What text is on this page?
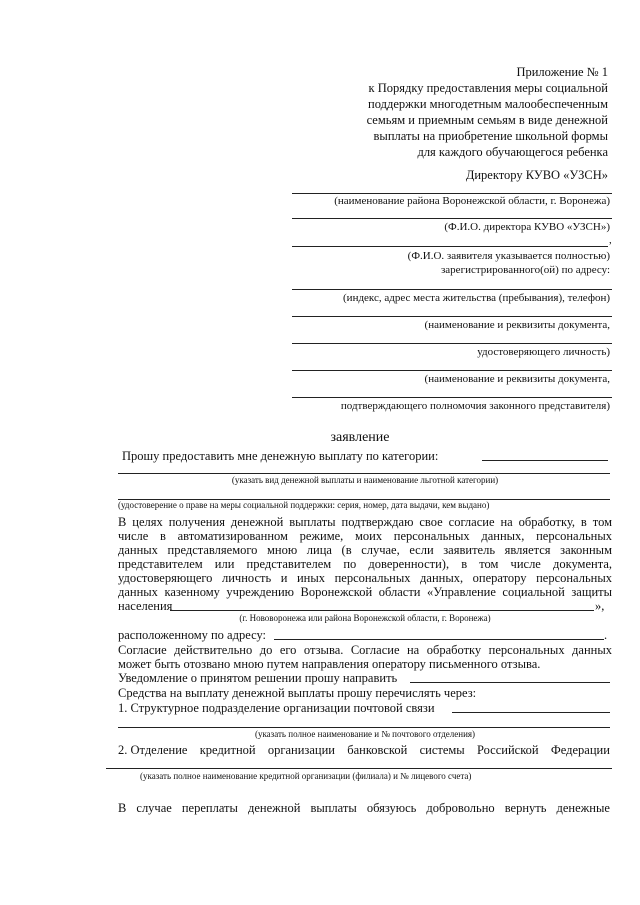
Приложение № 1
к Порядку предоставления меры социальной
поддержки многодетным малообеспеченным
семьям и приемным семьям в виде денежной
выплаты на приобретение школьной формы
для каждого обучающегося ребенка
Директору КУВО «УЗСН»
(наименование района Воронежской области, г. Воронежа)
(Ф.И.О. директора КУВО «УЗСН»)
,
(Ф.И.О. заявителя указывается полностью)
зарегистрированного(ой) по адресу:
(индекс, адрес места жительства (пребывания), телефон)
(наименование и реквизиты документа,
удостоверяющего личность)
(наименование и реквизиты документа,
подтверждающего полномочия законного представителя)
заявление
Прошу предоставить мне денежную выплату по категории:
(указать вид денежной выплаты и наименование льготной категории)
(удостоверение о праве на меры социальной поддержки: серия, номер, дата выдачи, кем выдано)
В целях получения денежной выплаты подтверждаю свое согласие на обработку, в том
числе в автоматизированном режиме, моих персональных данных, персональных
данных представляемого мною лица (в случае, если заявитель является законным
представителем или представителем по доверенности), в том числе документа,
удостоверяющего личность и иных персональных данных, оператору персональных
данных казенному учреждению Воронежской области «Управление социальной защиты
населения	»,
(г. Нововоронежа или района Воронежской области, г. Воронежа)
расположенному по адресу:	.
Согласие действительно до его отзыва. Согласие на обработку персональных данных
может быть отозвано мною путем направления оператору письменного отзыва.
Уведомление о принятом решении прошу направить
Средства на выплату денежной выплаты прошу перечислять через:
1. Структурное подразделение организации почтовой связи
(указать полное наименование и № почтового отделения)
2. Отделение кредитной организации банковской системы Российской Федерации
(указать полное наименование кредитной организации (филиала) и № лицевого счета)
В случае переплаты денежной выплаты обязуюсь добровольно вернуть денежные
